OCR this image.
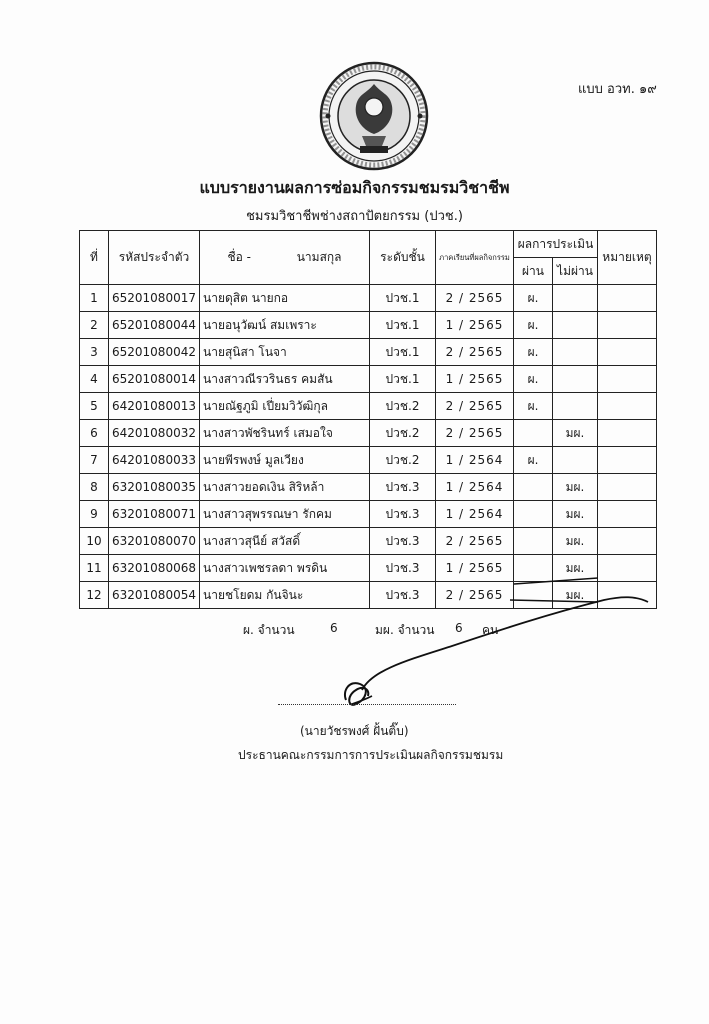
แบบ อวท. ๑๙
แบบรายงานผลการซ่อมกิจกรรมชมรมวิชาชีพ
ชมรมวิชาชีพช่างสถาปัตยกรรม (ปวช.)
ที่	รหัสประจำตัว	ชื่อ -            นามสกุล	ระดับชั้น	ภาคเรียนที่ผลกิจกรรม	ผลการประเมิน		หมายเหตุ
					ผ่าน	ไม่ผ่าน	
1	65201080017	นายดุสิต นายกอ	ปวช.1	2 / 2565	ผ.		
2	65201080044	นายอนุวัฒน์ สมเพราะ	ปวช.1	1 / 2565	ผ.		
3	65201080042	นายสุนิสา โนจา	ปวช.1	2 / 2565	ผ.		
4	65201080014	นางสาวณีรวรินธร คมสัน	ปวช.1	1 / 2565	ผ.		
5	64201080013	นายณัฐภูมิ เปี่ยมวิวัฒิกุล	ปวช.2	2 / 2565	ผ.		
6	64201080032	นางสาวพัชรินทร์ เสมอใจ	ปวช.2	2 / 2565		มผ.	
7	64201080033	นายพีรพงษ์ มูลเวียง	ปวช.2	1 / 2564	ผ.		
8	63201080035	นางสาวยอดเงิน สิริหล้า	ปวช.3	1 / 2564		มผ.	
9	63201080071	นางสาวสุพรรณษา รักคม	ปวช.3	1 / 2564		มผ.	
10	63201080070	นางสาวสุนีย์ สวัสดิ์	ปวช.3	2 / 2565		มผ.	
11	63201080068	นางสาวเพชรลดา พรดิน	ปวช.3	1 / 2565		มผ.	
12	63201080054	นายชโยดม กันจินะ	ปวช.3	2 / 2565		มผ.	
ผ. จำนวน	6	มผ. จำนวน 6 คน
(นายวัชรพงศ์ ฝั้นติ๊บ)
ประธานคณะกรรมการการประเมินผลกิจกรรมชมรม
